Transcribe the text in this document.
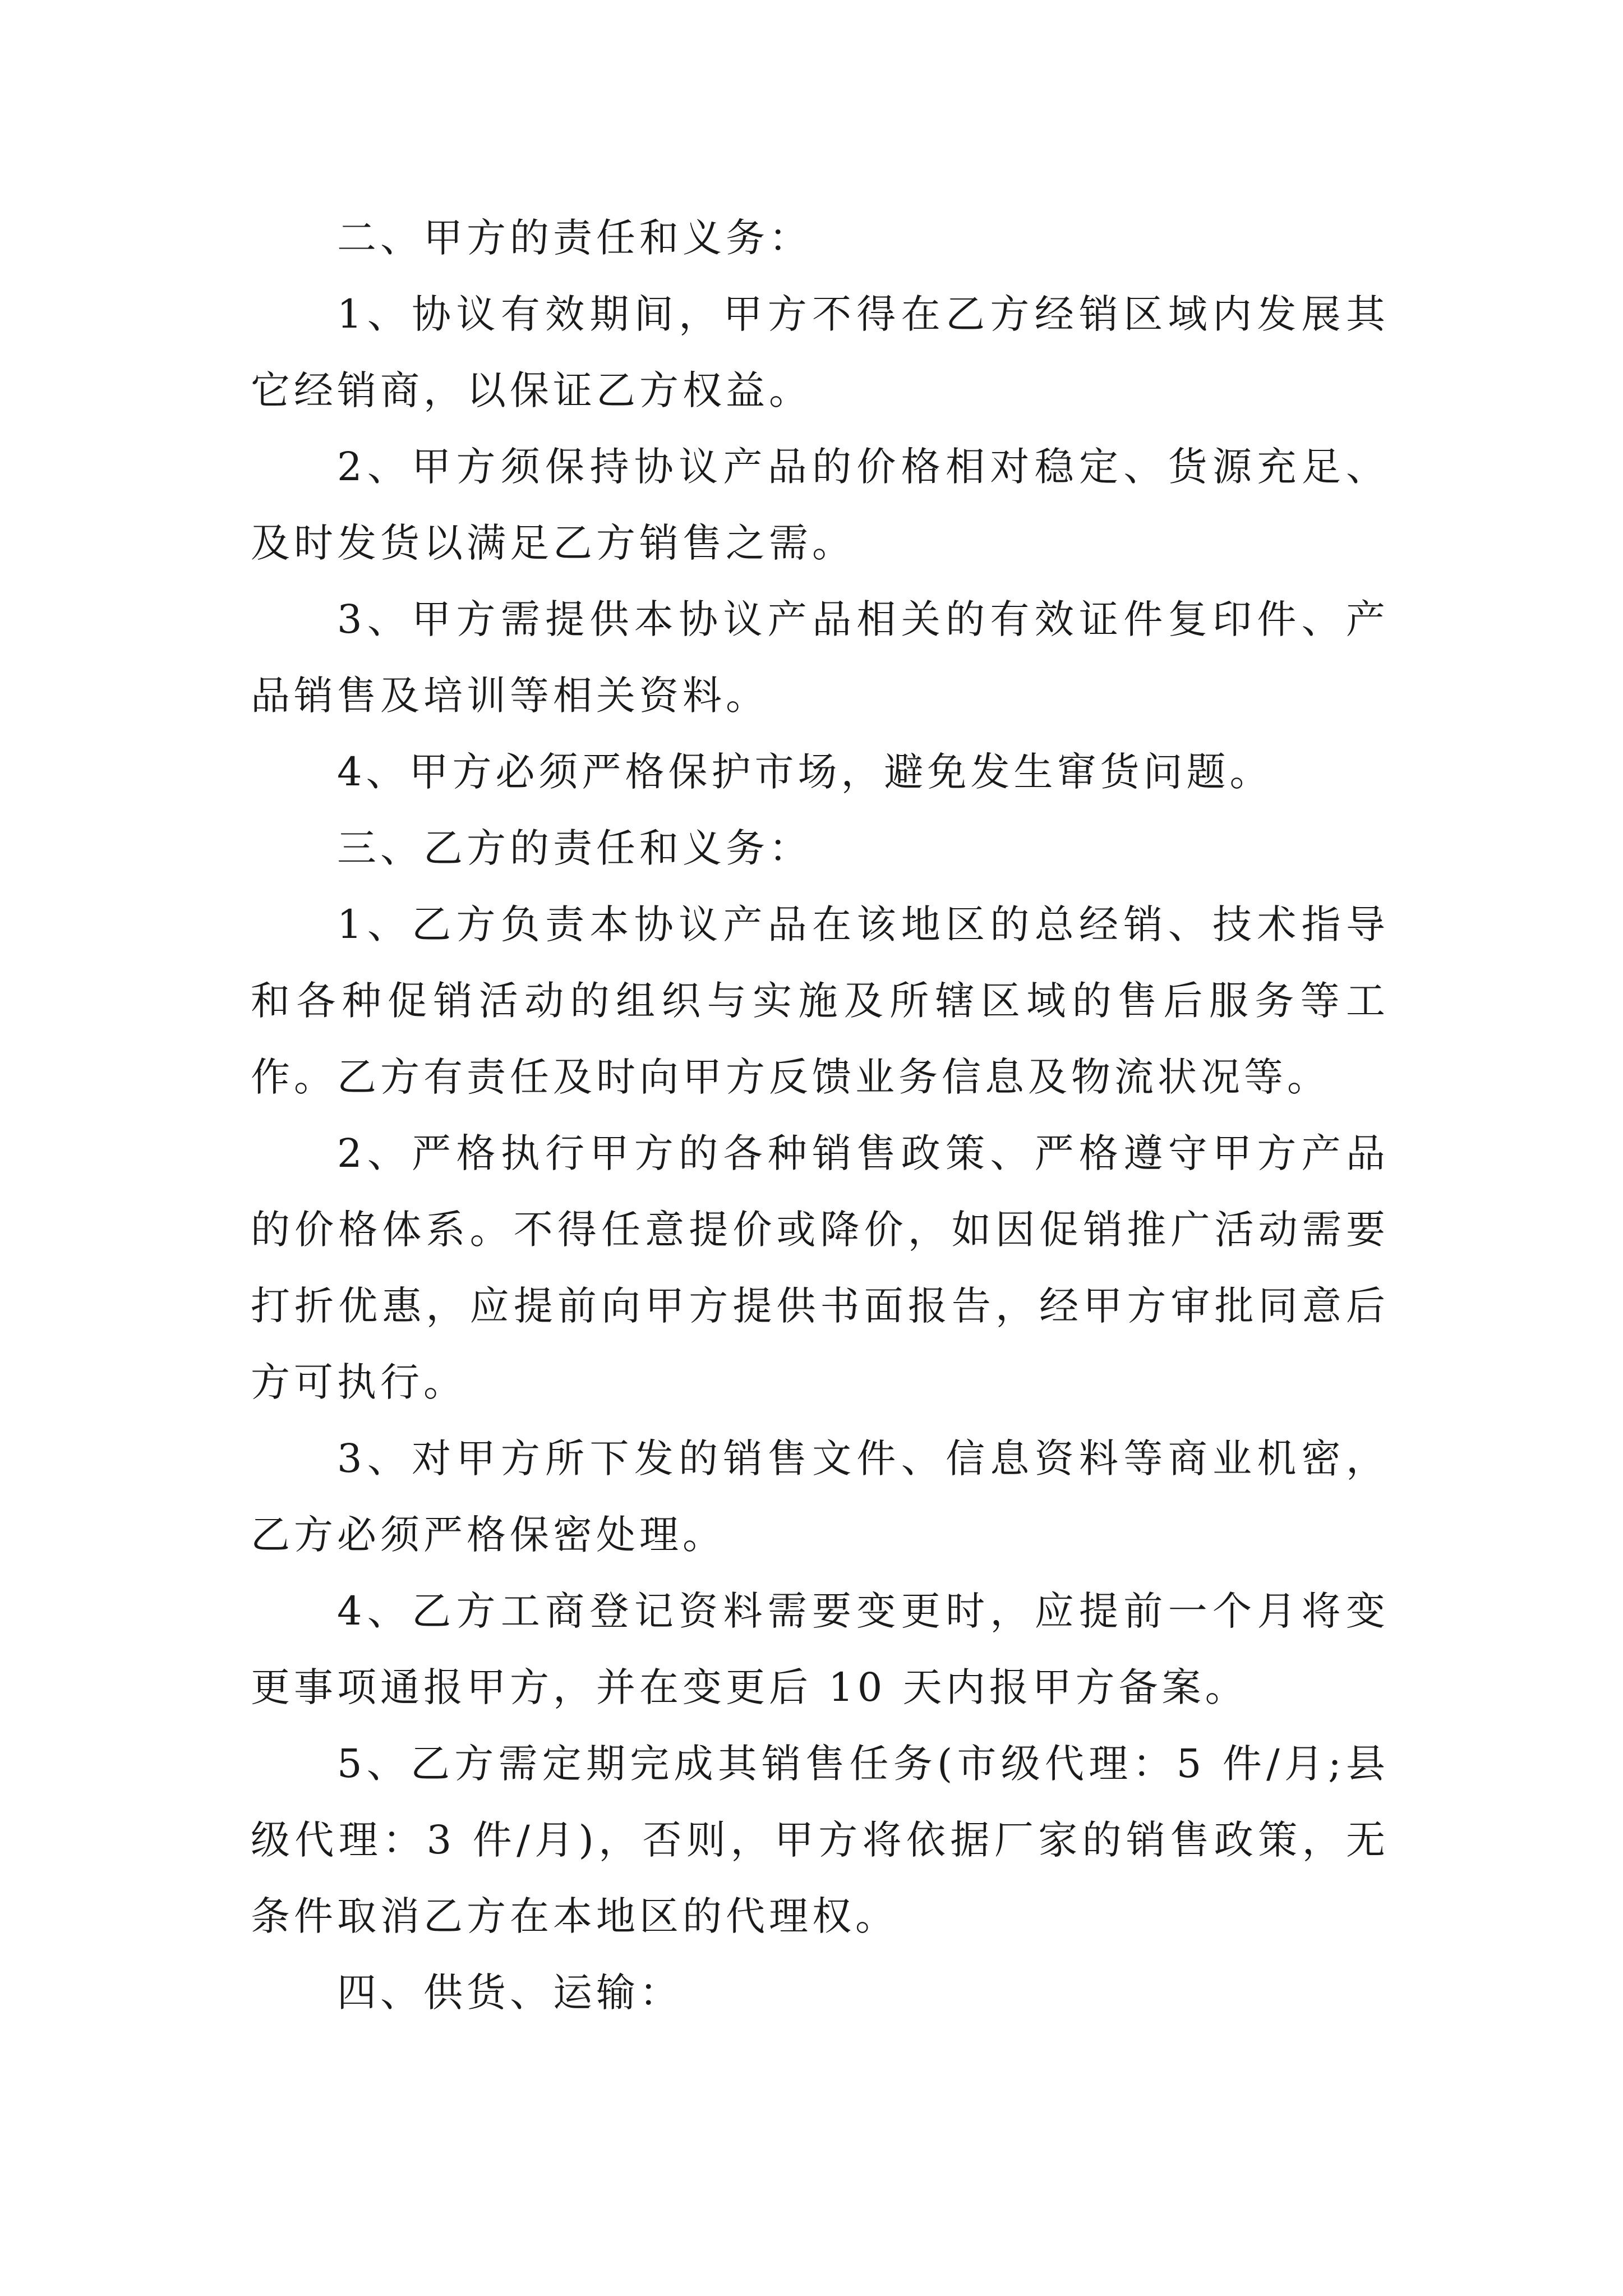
二、甲方的责任和义务：

1、协议有效期间，甲方不得在乙方经销区域内发展其它经销商，以保证乙方权益。

2、甲方须保持协议产品的价格相对稳定、货源充足、及时发货以满足乙方销售之需。

3、甲方需提供本协议产品相关的有效证件复印件、产品销售及培训等相关资料。

4、甲方必须严格保护市场，避免发生窜货问题。

三、乙方的责任和义务：

1、乙方负责本协议产品在该地区的总经销、技术指导和各种促销活动的组织与实施及所辖区域的售后服务等工作。乙方有责任及时向甲方反馈业务信息及物流状况等。

2、严格执行甲方的各种销售政策、严格遵守甲方产品的价格体系。不得任意提价或降价，如因促销推广活动需要打折优惠，应提前向甲方提供书面报告，经甲方审批同意后方可执行。

3、对甲方所下发的销售文件、信息资料等商业机密，乙方必须严格保密处理。

4、乙方工商登记资料需要变更时，应提前一个月将变更事项通报甲方，并在变更后 10 天内报甲方备案。

5、乙方需定期完成其销售任务(市级代理：5 件/月;县级代理：3 件/月)，否则，甲方将依据厂家的销售政策，无条件取消乙方在本地区的代理权。

四、供货、运输：
